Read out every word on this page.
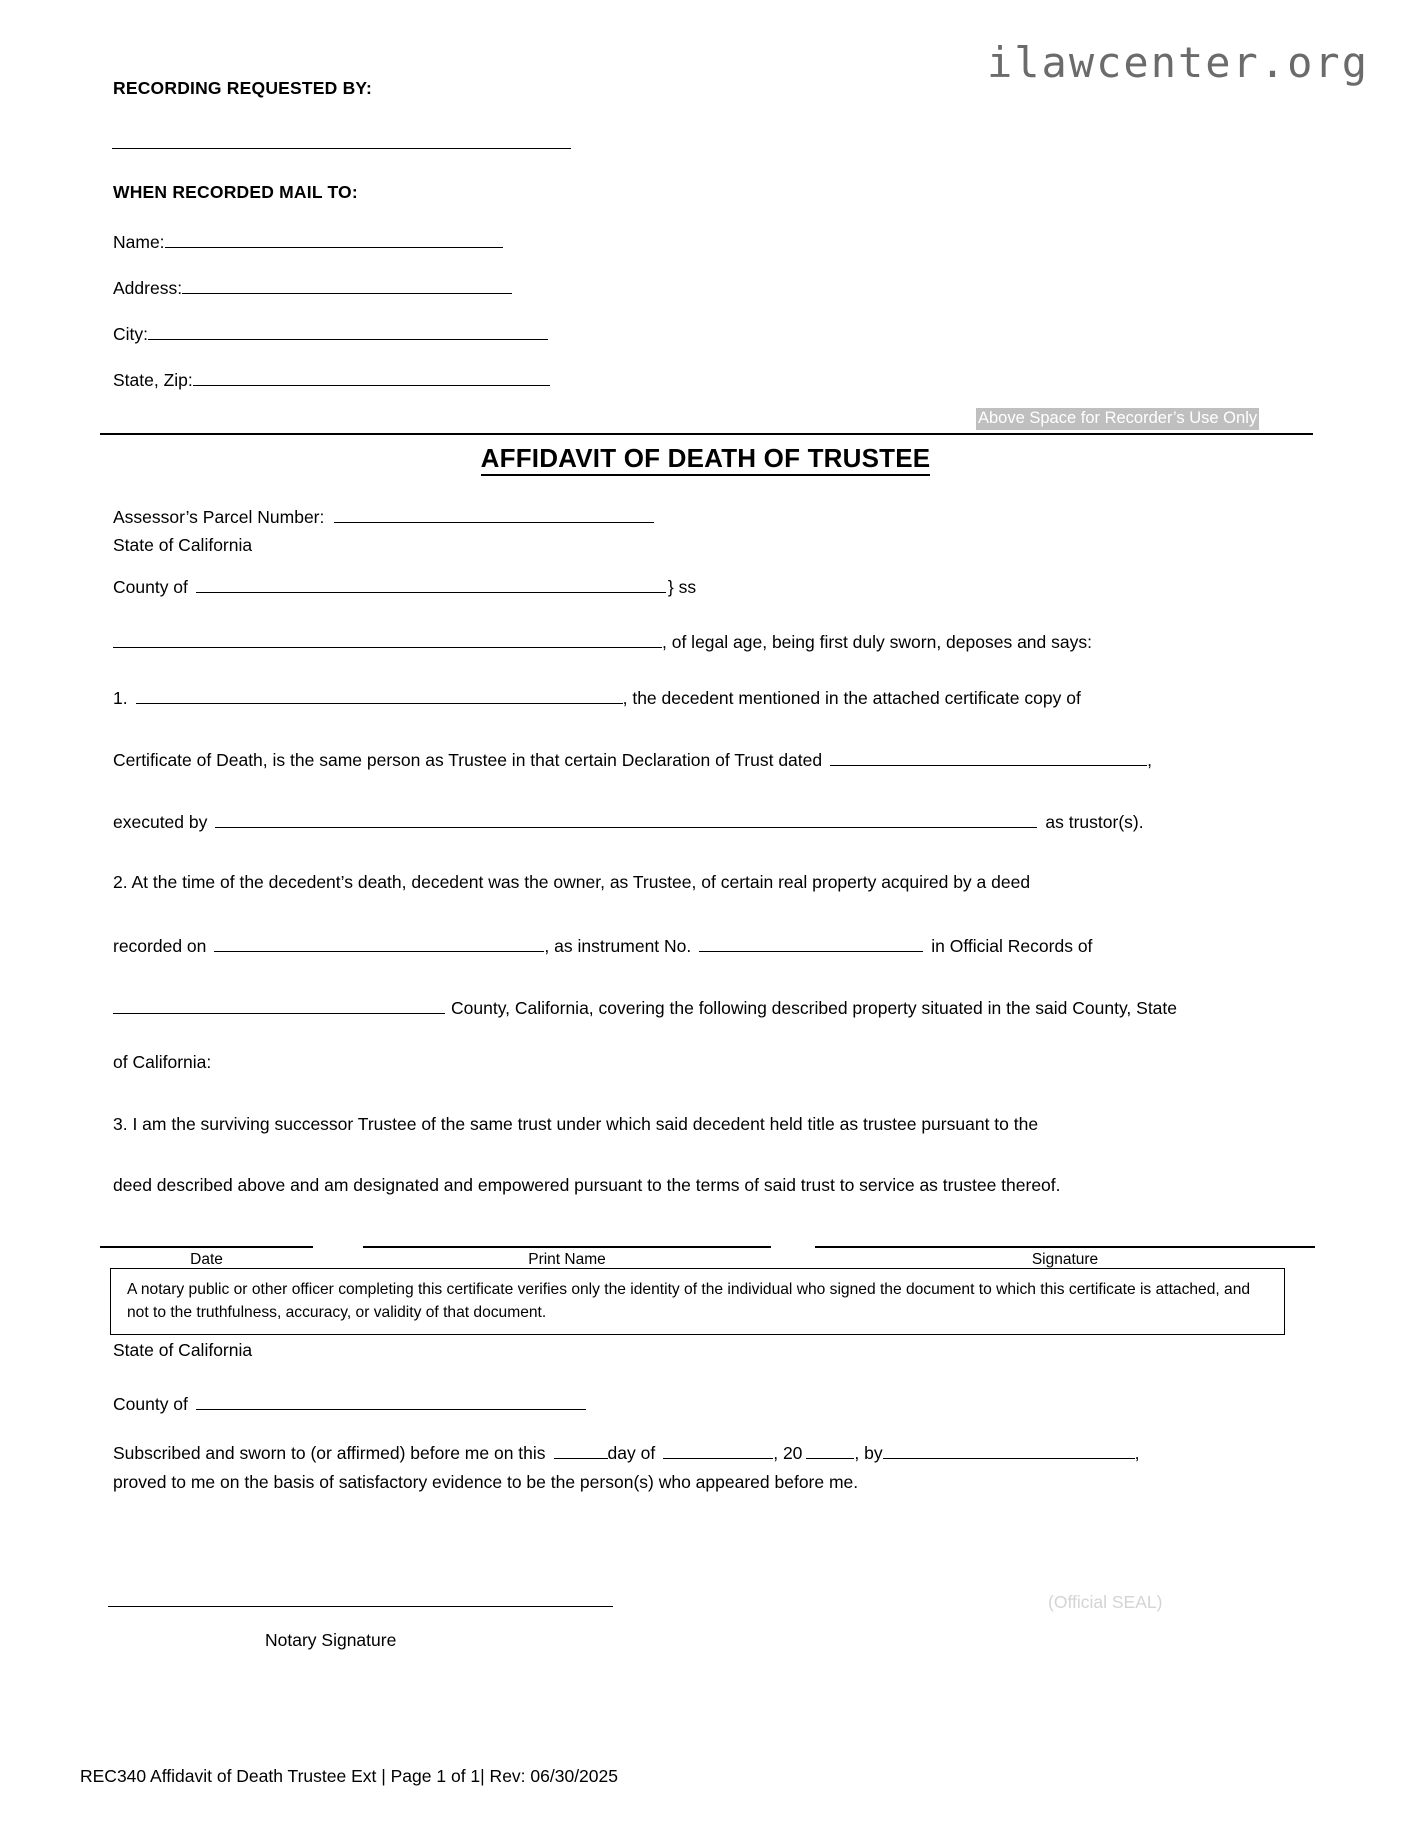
ilawcenter.org
RECORDING REQUESTED BY:
WHEN RECORDED MAIL TO:
Name:
Address:
City:
State, Zip:
Above Space for Recorder’s Use Only
AFFIDAVIT OF DEATH OF TRUSTEE
Assessor’s Parcel Number:
State of California
County of	} ss
, of legal age, being first duly sworn, deposes and says:
1.	, the decedent mentioned in the attached certificate copy of
Certificate of Death, is the same person as Trustee in that certain Declaration of Trust dated	,
executed by	as trustor(s).
2. At the time of the decedent’s death, decedent was the owner, as Trustee, of certain real property acquired by a deed
recorded on	, as instrument No.	in Official Records of
County, California, covering the following described property situated in the said County, State
of California:
3. I am the surviving successor Trustee of the same trust under which said decedent held title as trustee pursuant to the
deed described above and am designated and empowered pursuant to the terms of said trust to service as trustee thereof.
Date	Print Name	Signature
A notary public or other officer completing this certificate verifies only the identity of the individual who signed the document to which this certificate is attached, and not to the truthfulness, accuracy, or validity of that document.
State of California
County of
Subscribed and sworn to (or affirmed) before me on this	day of	, 20	, by	,
proved to me on the basis of satisfactory evidence to be the person(s) who appeared before me.
Notary Signature
(Official SEAL)
REC340 Affidavit of Death Trustee Ext | Page 1 of 1| Rev: 06/30/2025
